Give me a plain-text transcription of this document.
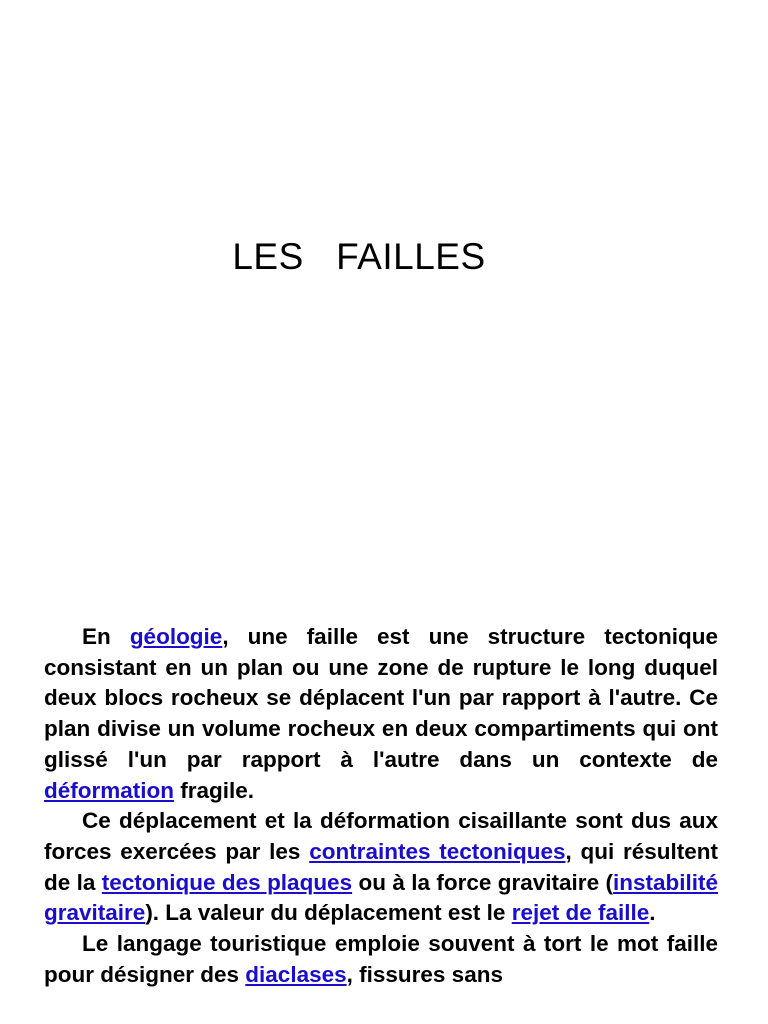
LES   FAILLES

En géologie, une faille est une structure tectonique consistant en un plan ou une zone de rupture le long duquel deux blocs rocheux se déplacent l'un par rapport à l'autre. Ce plan divise un volume rocheux en deux compartiments qui ont glissé l'un par rapport à l'autre dans un contexte de déformation fragile.

Ce déplacement et la déformation cisaillante sont dus aux forces exercées par les contraintes tectoniques, qui résultent de la tectonique des plaques ou à la force gravitaire (instabilité gravitaire). La valeur du déplacement est le rejet de faille.

Le langage touristique emploie souvent à tort le mot faille pour désigner des diaclases, fissures sans
